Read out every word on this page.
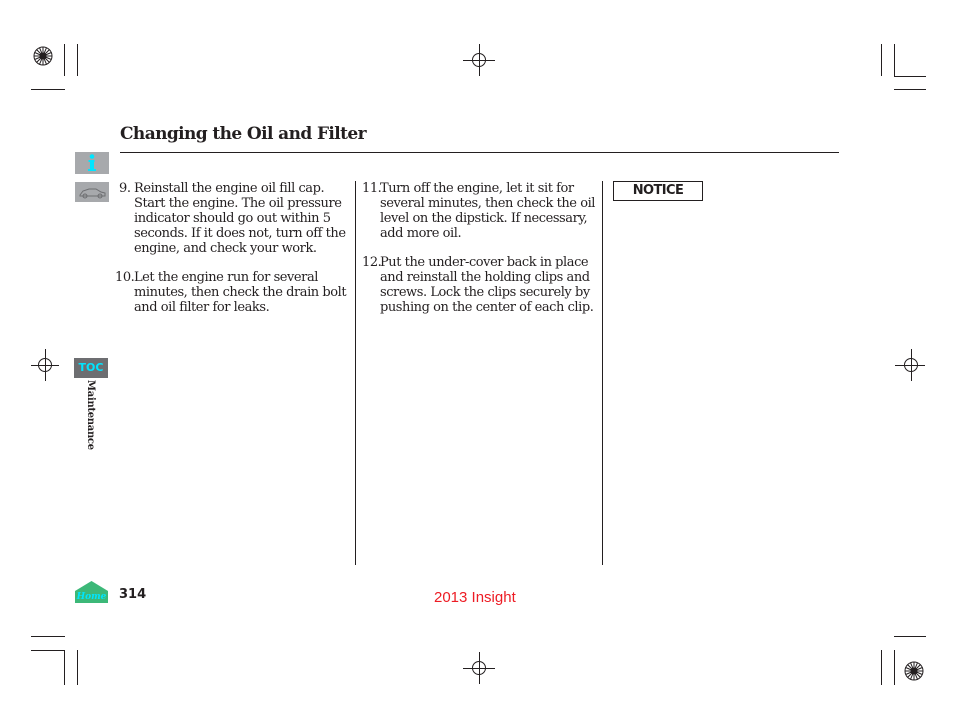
Changing the Oil and Filter
TOC
Maintenance
9. Reinstall the engine oil fill cap. Start the engine. The oil pressure indicator should go out within 5 seconds. If it does not, turn off the engine, and check your work.
10. Let the engine run for several minutes, then check the drain bolt and oil filter for leaks.
11.
Turn off the engine, let it sit for several minutes, then check the oil level on the dipstick. If necessary, add more oil.
12.
Put the under-cover back in place and reinstall the holding clips and screws. Lock the clips securely by pushing on the center of each clip.
NOTICE
Home 314	2013 Insight
